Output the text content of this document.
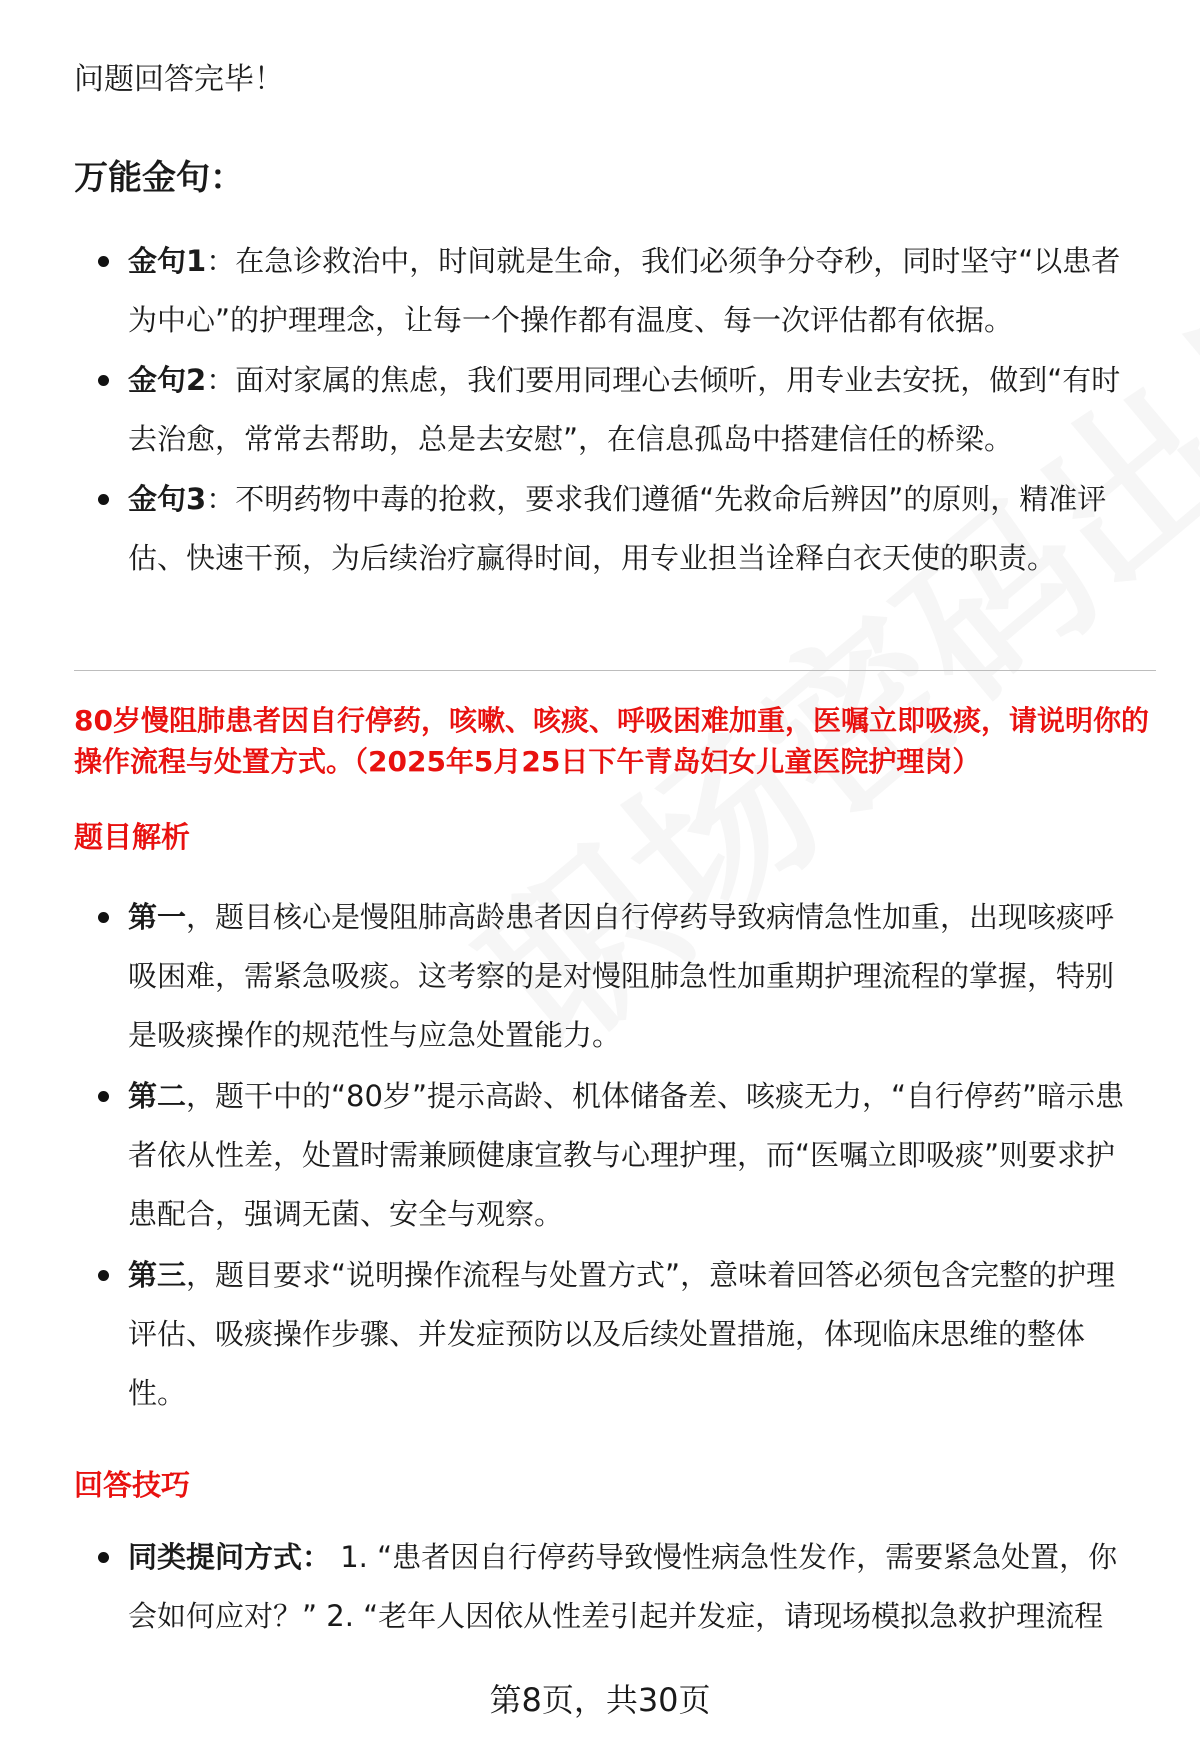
问题回答完毕！

万能金句：

金句1：在急诊救治中，时间就是生命，我们必须争分夺秒，同时坚守“以患者为中心”的护理理念，让每一个操作都有温度、每一次评估都有依据。

金句2：面对家属的焦虑，我们要用同理心去倾听，用专业去安抚，做到“有时去治愈，常常去帮助，总是去安慰”，在信息孤岛中搭建信任的桥梁。

金句3：不明药物中毒的抢救，要求我们遵循“先救命后辨因”的原则，精准评估、快速干预，为后续治疗赢得时间，用专业担当诠释白衣天使的职责。

80岁慢阻肺患者因自行停药，咳嗽、咳痰、呼吸困难加重，医嘱立即吸痰，请说明你的操作流程与处置方式。（2025年5月25日下午青岛妇女儿童医院护理岗）

题目解析

第一，题目核心是慢阻肺高龄患者因自行停药导致病情急性加重，出现咳痰呼吸困难，需紧急吸痰。这考察的是对慢阻肺急性加重期护理流程的掌握，特别是吸痰操作的规范性与应急处置能力。

第二，题干中的“80岁”提示高龄、机体储备差、咳痰无力，“自行停药”暗示患者依从性差，处置时需兼顾健康宣教与心理护理，而“医嘱立即吸痰”则要求护患配合，强调无菌、安全与观察。

第三，题目要求“说明操作流程与处置方式”，意味着回答必须包含完整的护理评估、吸痰操作步骤、并发症预防以及后续处置措施，体现临床思维的整体性。

回答技巧

同类提问方式： 1. “患者因自行停药导致慢性病急性发作，需要紧急处置，你会如何应对？” 2. “老年人因依从性差引起并发症，请现场模拟急救护理流程

第8页，共30页
